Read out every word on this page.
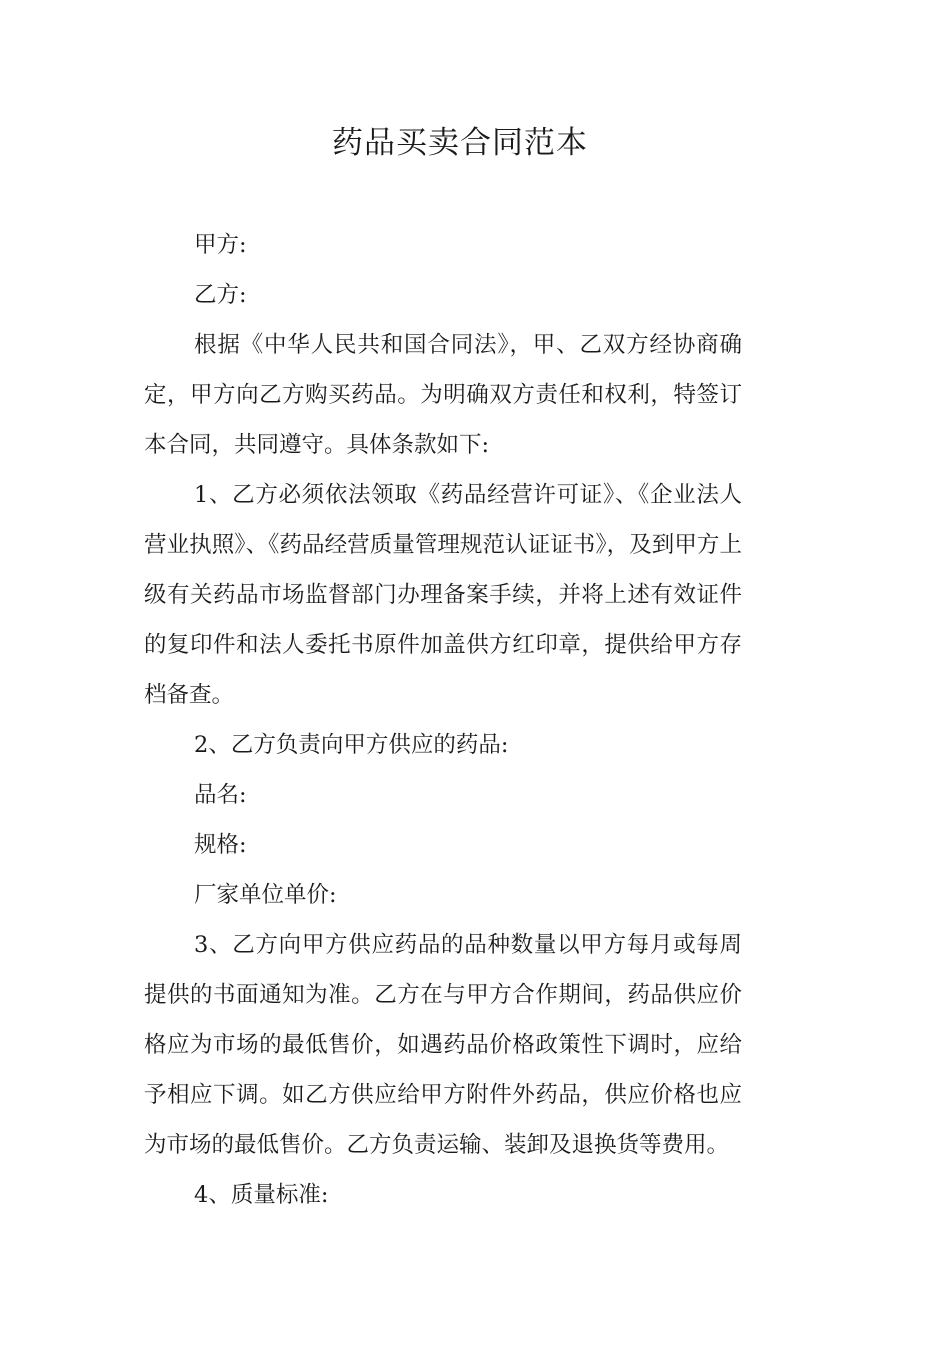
药品买卖合同范本

甲方:

乙方:

根据《中华人民共和国合同法》，甲、乙双方经协商确定，甲方向乙方购买药品。为明确双方责任和权利，特签订本合同，共同遵守。具体条款如下:

1、乙方必须依法领取《药品经营许可证》、《企业法人营业执照》、《药品经营质量管理规范认证证书》，及到甲方上级有关药品市场监督部门办理备案手续，并将上述有效证件的复印件和法人委托书原件加盖供方红印章，提供给甲方存档备查。

2、乙方负责向甲方供应的药品:

品名:

规格:

厂家单位单价:

3、乙方向甲方供应药品的品种数量以甲方每月或每周提供的书面通知为准。乙方在与甲方合作期间，药品供应价格应为市场的最低售价，如遇药品价格政策性下调时，应给予相应下调。如乙方供应给甲方附件外药品，供应价格也应为市场的最低售价。乙方负责运输、装卸及退换货等费用。

4、质量标准:
